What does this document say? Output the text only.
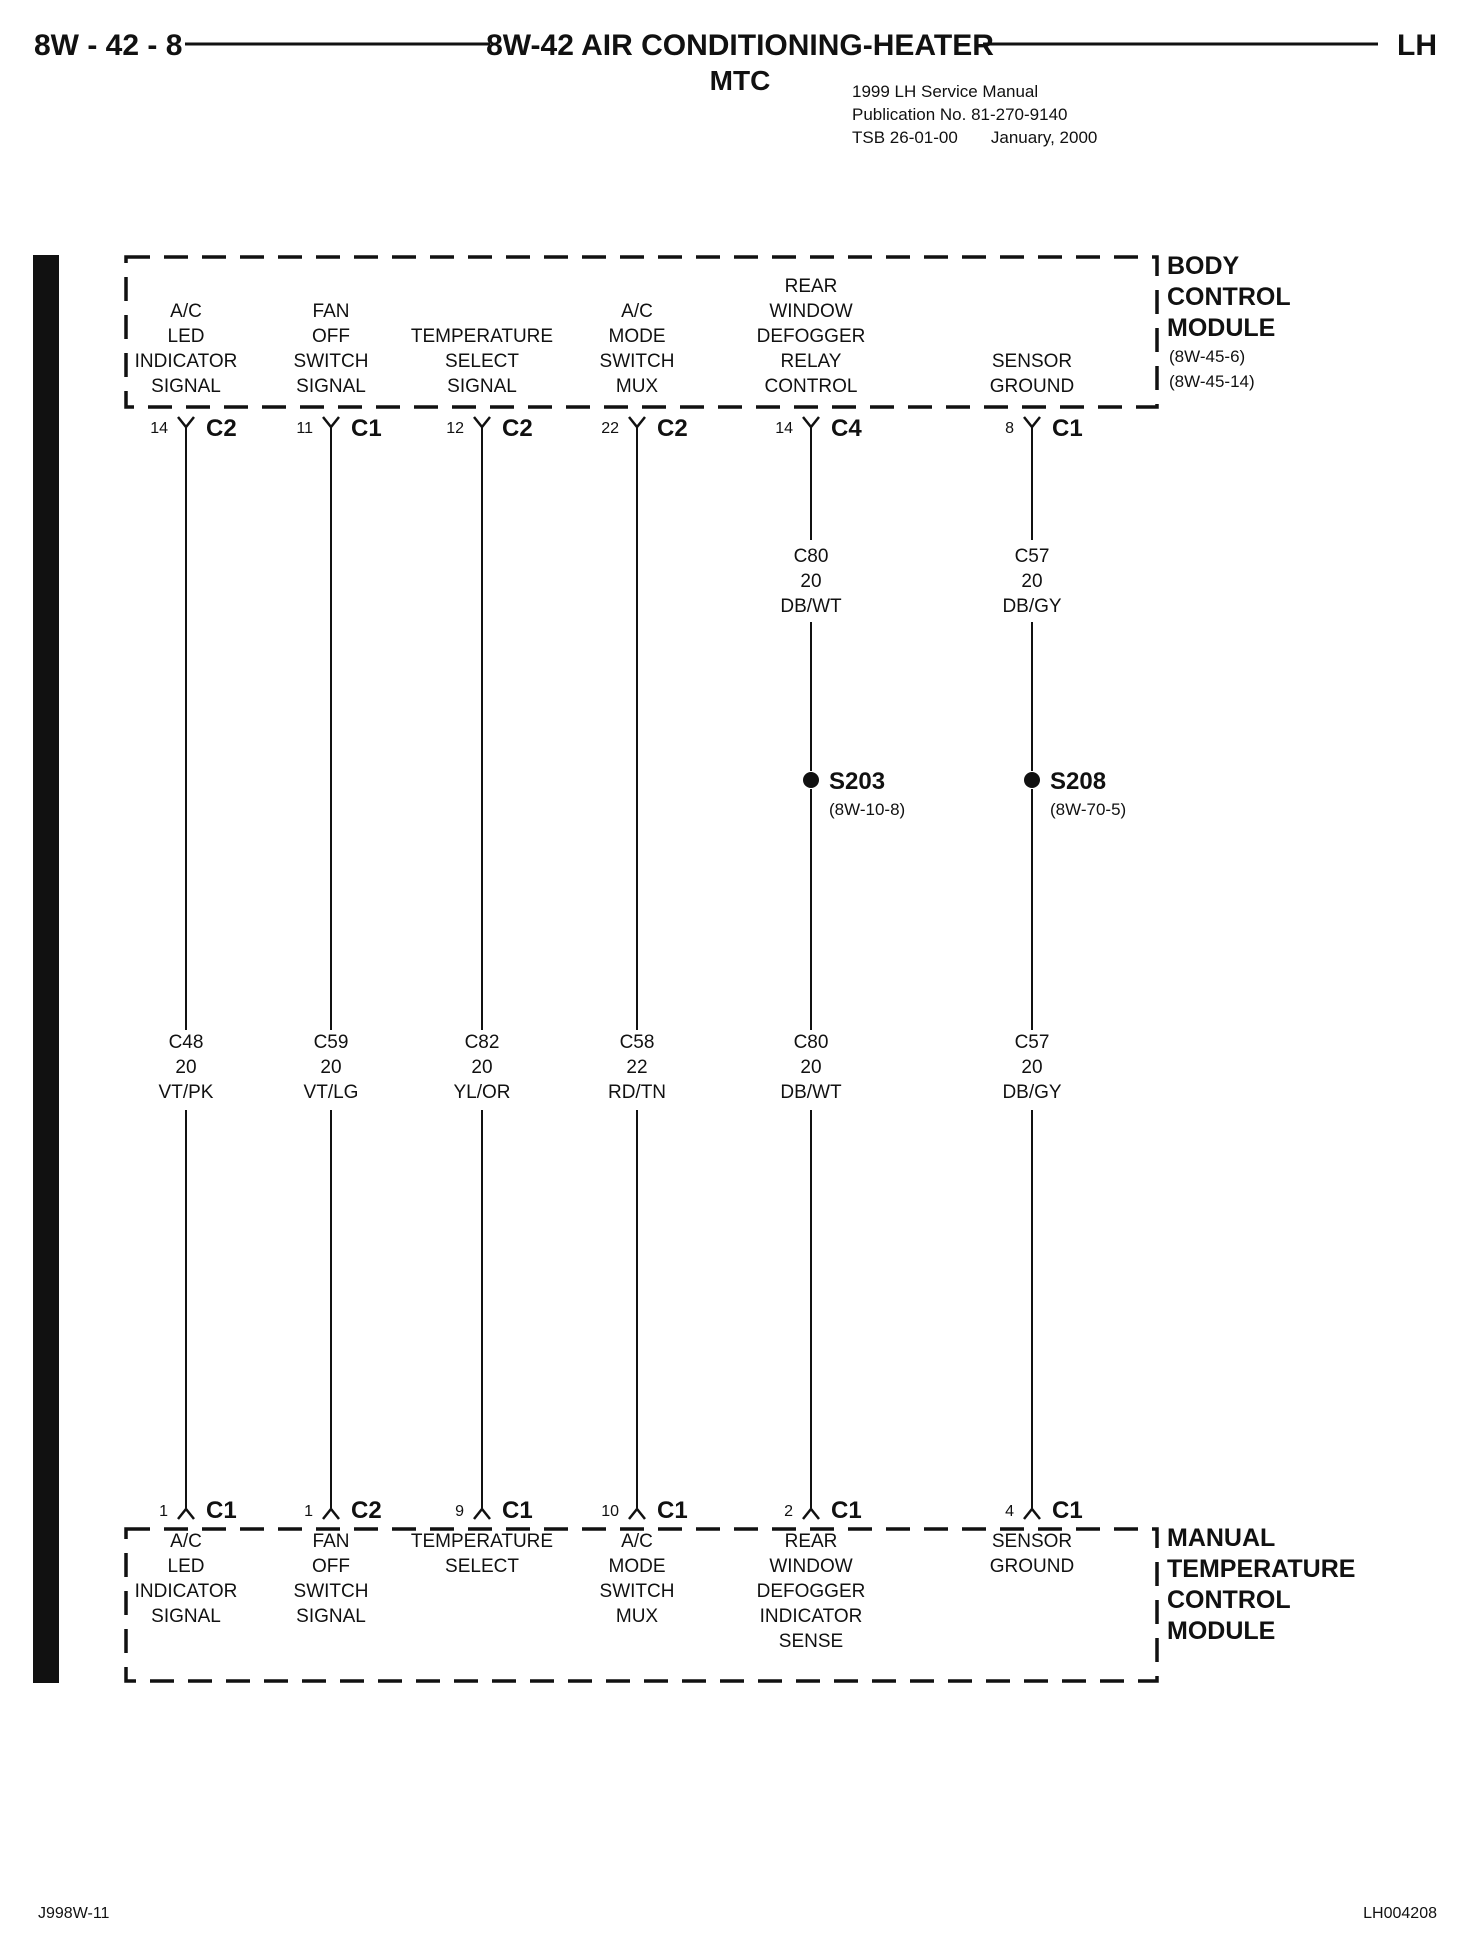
8W - 42 - 8	8W-42 AIR CONDITIONING-HEATER	LH
MTC	1999 LH Service Manual
Publication No. 81-270-9140
TSB 26-01-00       January, 2000
BODY
CONTROL
MODULE
(8W-45-6)
(8W-45-14)
MANUAL
TEMPERATURE
CONTROL
MODULE
A/C
LED
INDICATOR
SIGNAL
14 C2
1 C1
A/C
LED
INDICATOR
SIGNAL
C48
20
VT/PK
FAN
OFF
SWITCH
SIGNAL
11 C1
1 C2
FAN
OFF
SWITCH
SIGNAL
C59
20
VT/LG
TEMPERATURE
SELECT
SIGNAL
12 C2
9 C1
TEMPERATURE
SELECT
C82
20
YL/OR
A/C
MODE
SWITCH
MUX
22 C2
10 C1
A/C
MODE
SWITCH
MUX
C58
22
RD/TN
REAR
WINDOW
DEFOGGER
RELAY
CONTROL
14 C4
2 C1
REAR
WINDOW
DEFOGGER
INDICATOR
SENSE
C80
20
DB/WT
C80
20
DB/WT
S203
(8W-10-8)
SENSOR
GROUND
8 C1
4 C1
SENSOR
GROUND
C57
20
DB/GY
C57
20
DB/GY
S208
(8W-70-5)
J998W-11	LH004208
